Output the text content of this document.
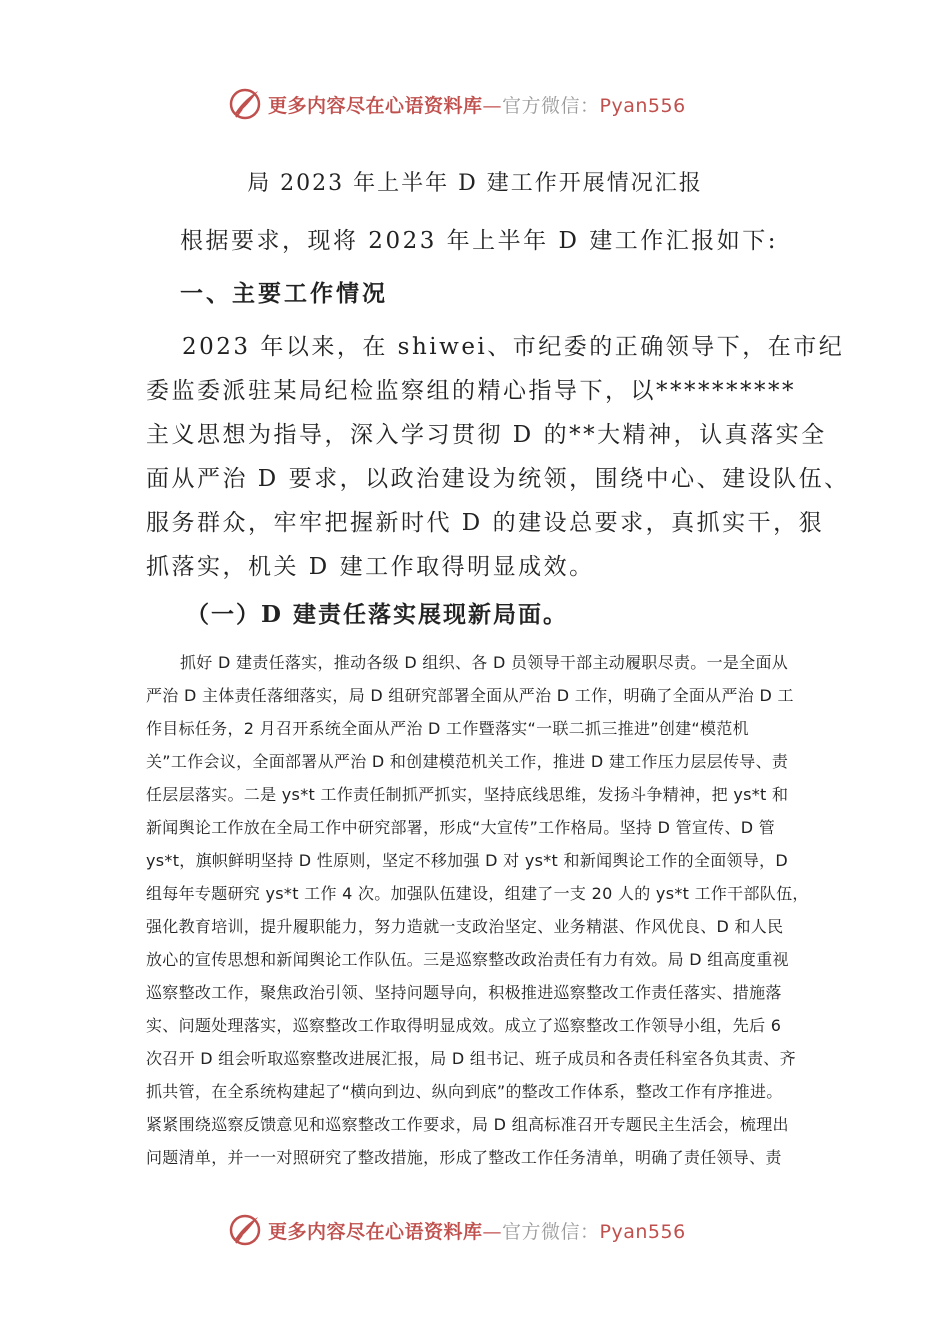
更多内容尽在心语资料库—官方微信：Pyan556
局 2023 年上半年 D 建工作开展情况汇报
根据要求，现将 2023 年上半年 D 建工作汇报如下:
一、主要工作情况
2023 年以来，在 shiwei、市纪委的正确领导下，在市纪
委监委派驻某局纪检监察组的精心指导下，以**********
主义思想为指导，深入学习贯彻 D 的**大精神，认真落实全
面从严治 D 要求，以政治建设为统领，围绕中心、建设队伍、
服务群众，牢牢把握新时代 D 的建设总要求，真抓实干，狠
抓落实，机关 D 建工作取得明显成效。
（一）D 建责任落实展现新局面。
抓好 D 建责任落实，推动各级 D 组织、各 D 员领导干部主动履职尽责。一是全面从
严治 D 主体责任落细落实，局 D 组研究部署全面从严治 D 工作，明确了全面从严治 D 工
作目标任务，2 月召开系统全面从严治 D 工作暨落实“一联二抓三推进”创建“模范机
关”工作会议，全面部署从严治 D 和创建模范机关工作，推进 D 建工作压力层层传导、责
任层层落实。二是 ys*t 工作责任制抓严抓实，坚持底线思维，发扬斗争精神，把 ys*t 和
新闻舆论工作放在全局工作中研究部署，形成“大宣传”工作格局。坚持 D 管宣传、D 管
ys*t，旗帜鲜明坚持 D 性原则，坚定不移加强 D 对 ys*t 和新闻舆论工作的全面领导，D
组每年专题研究 ys*t 工作 4 次。加强队伍建设，组建了一支 20 人的 ys*t 工作干部队伍，
强化教育培训，提升履职能力，努力造就一支政治坚定、业务精湛、作风优良、D 和人民
放心的宣传思想和新闻舆论工作队伍。三是巡察整改政治责任有力有效。局 D 组高度重视
巡察整改工作，聚焦政治引领、坚持问题导向，积极推进巡察整改工作责任落实、措施落
实、问题处理落实，巡察整改工作取得明显成效。成立了巡察整改工作领导小组，先后 6
次召开 D 组会听取巡察整改进展汇报，局 D 组书记、班子成员和各责任科室各负其责、齐
抓共管，在全系统构建起了“横向到边、纵向到底”的整改工作体系，整改工作有序推进。
紧紧围绕巡察反馈意见和巡察整改工作要求，局 D 组高标准召开专题民主生活会，梳理出
问题清单，并一一对照研究了整改措施，形成了整改工作任务清单，明确了责任领导、责
更多内容尽在心语资料库—官方微信：Pyan556
